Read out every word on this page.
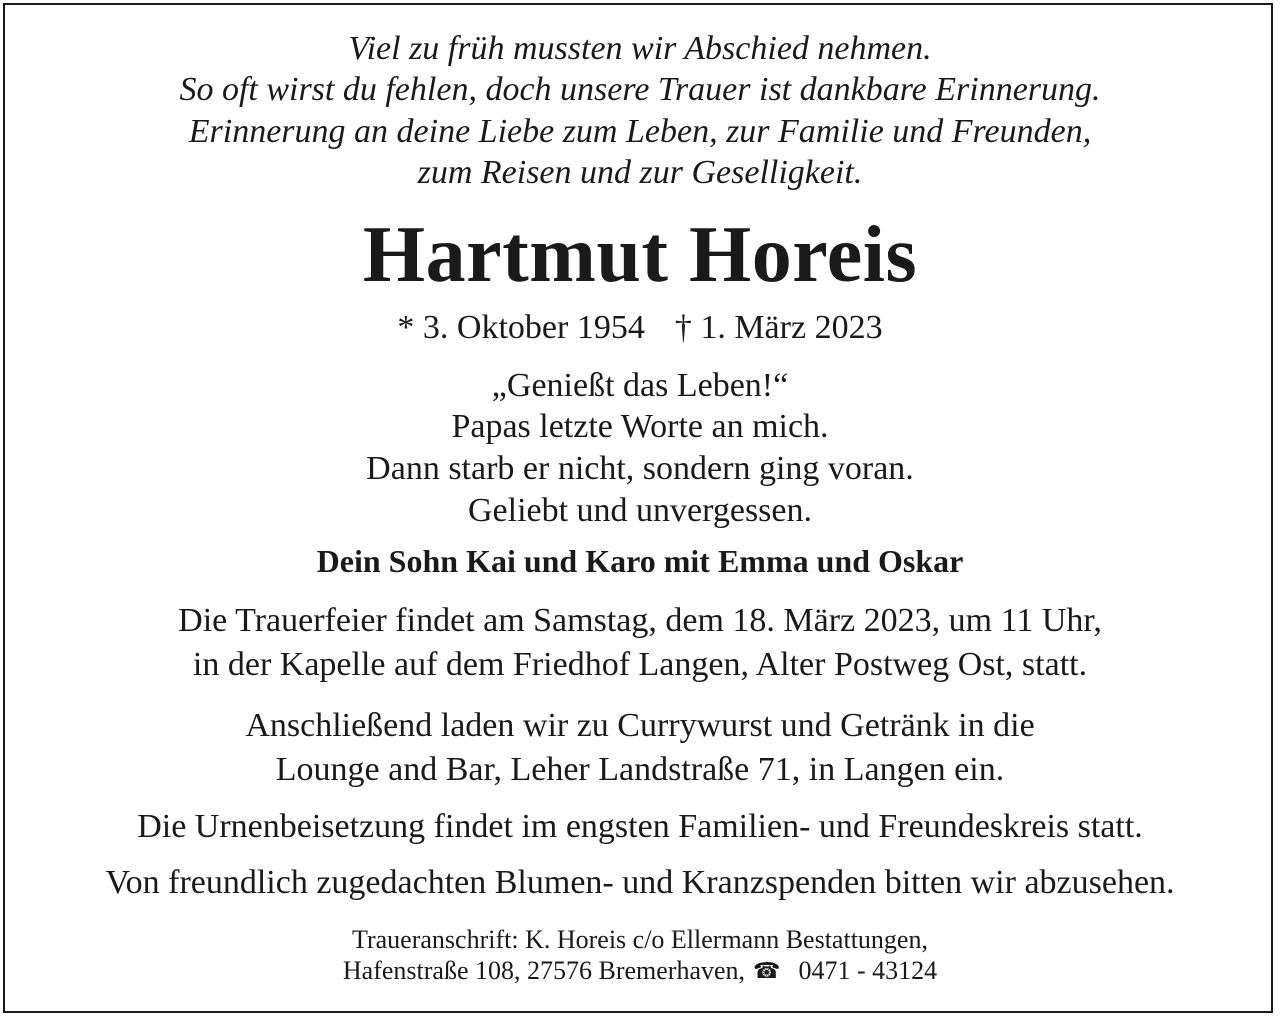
Viel zu früh mussten wir Abschied nehmen.
So oft wirst du fehlen, doch unsere Trauer ist dankbare Erinnerung.
Erinnerung an deine Liebe zum Leben, zur Familie und Freunden,
zum Reisen und zur Geselligkeit.
Hartmut Horeis
* 3. Oktober 1954 † 1. März 2023
„Genießt das Leben!“
Papas letzte Worte an mich.
Dann starb er nicht, sondern ging voran.
Geliebt und unvergessen.
Dein Sohn Kai und Karo mit Emma und Oskar
Die Trauerfeier findet am Samstag, dem 18. März 2023, um 11 Uhr,
in der Kapelle auf dem Friedhof Langen, Alter Postweg Ost, statt.
Anschließend laden wir zu Currywurst und Getränk in die
Lounge and Bar, Leher Landstraße 71, in Langen ein.
Die Urnenbeisetzung findet im engsten Familien- und Freundeskreis statt.
Von freundlich zugedachten Blumen- und Kranzspenden bitten wir abzusehen.
Traueranschrift: K. Horeis c/o Ellermann Bestattungen,
Hafenstraße 108, 27576 Bremerhaven, ☎ 0471 - 43124
